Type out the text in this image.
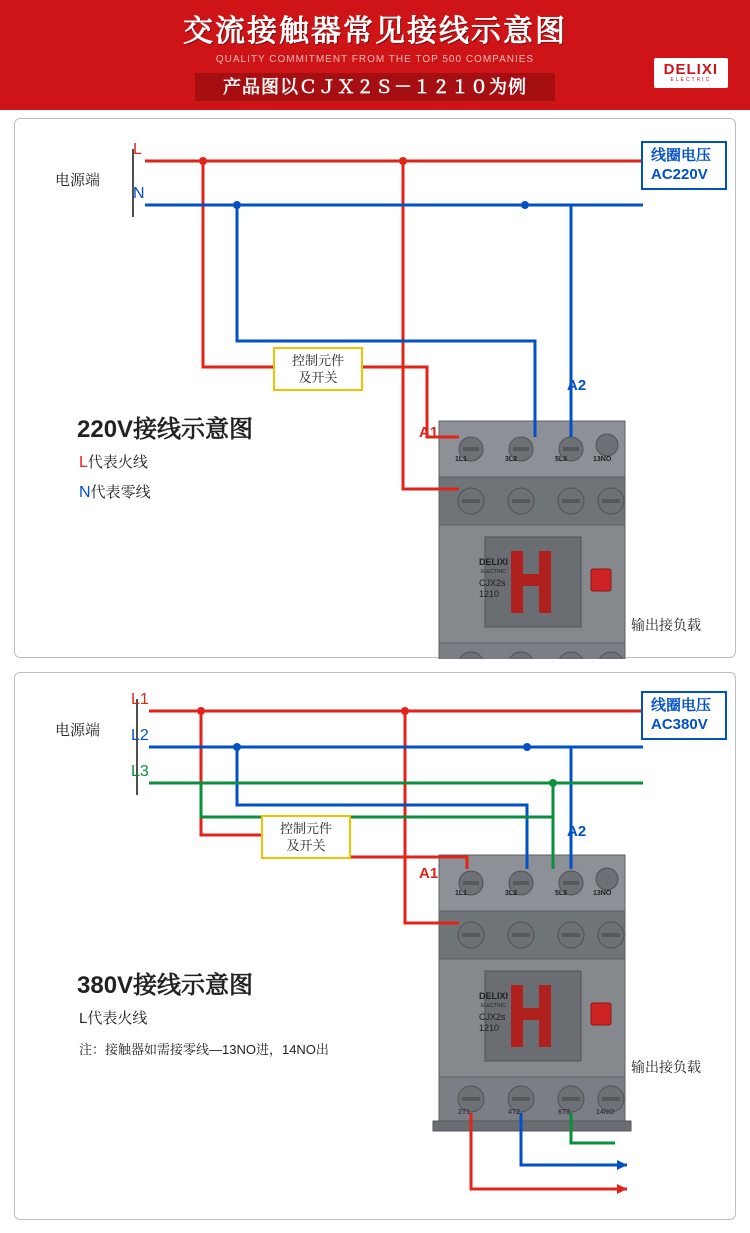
交流接触器常见接线示意图
QUALITY COMMITMENT FROM THE TOP 500 COMPANIES
产品图以ＣＪＸ２Ｓ－１２１０为例
DELIXI
ELECTRIC
电源端
L
N
线圈电压
AC220V
控制元件
及开关
A1
A2
1L1	3L2	5L3	13NO
DELIXI
ELECTRIC
CJX2s
1210
220V接线示意图
L代表火线
N代表零线
输出接负载
电源端
L1
L2
L3
线圈电压
AC380V
控制元件
及开关
A1
A2
1L1	3L2	5L3	13NO
2T1	4T2	6T3	14NO
DELIXI
ELECTRIC
CJX2s
1210
380V接线示意图
L代表火线
注：接触器如需接零线—13NO进，14NO出
输出接负载
